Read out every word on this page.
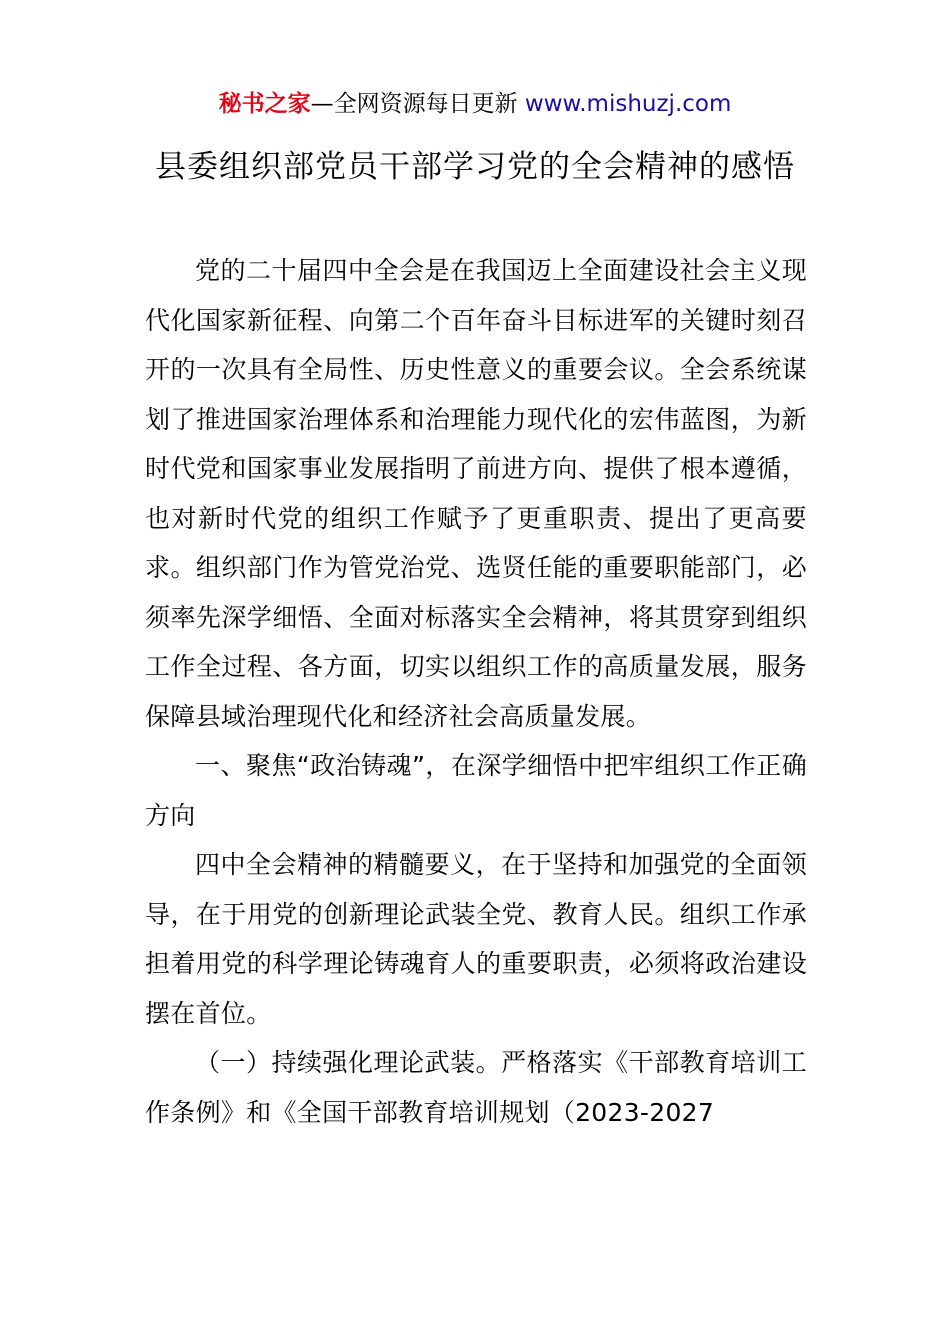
秘书之家—全网资源每日更新 www.mishuzj.com
县委组织部党员干部学习党的全会精神的感悟

党的二十届四中全会是在我国迈上全面建设社会主义现代化国家新征程、向第二个百年奋斗目标进军的关键时刻召开的一次具有全局性、历史性意义的重要会议。全会系统谋划了推进国家治理体系和治理能力现代化的宏伟蓝图，为新时代党和国家事业发展指明了前进方向、提供了根本遵循，也对新时代党的组织工作赋予了更重职责、提出了更高要求。组织部门作为管党治党、选贤任能的重要职能部门，必须率先深学细悟、全面对标落实全会精神，将其贯穿到组织工作全过程、各方面，切实以组织工作的高质量发展，服务保障县域治理现代化和经济社会高质量发展。

一、聚焦“政治铸魂”，在深学细悟中把牢组织工作正确方向

四中全会精神的精髓要义，在于坚持和加强党的全面领导，在于用党的创新理论武装全党、教育人民。组织工作承担着用党的科学理论铸魂育人的重要职责，必须将政治建设摆在首位。

（一）持续强化理论武装。严格落实《干部教育培训工作条例》和《全国干部教育培训规划（2023-2027
